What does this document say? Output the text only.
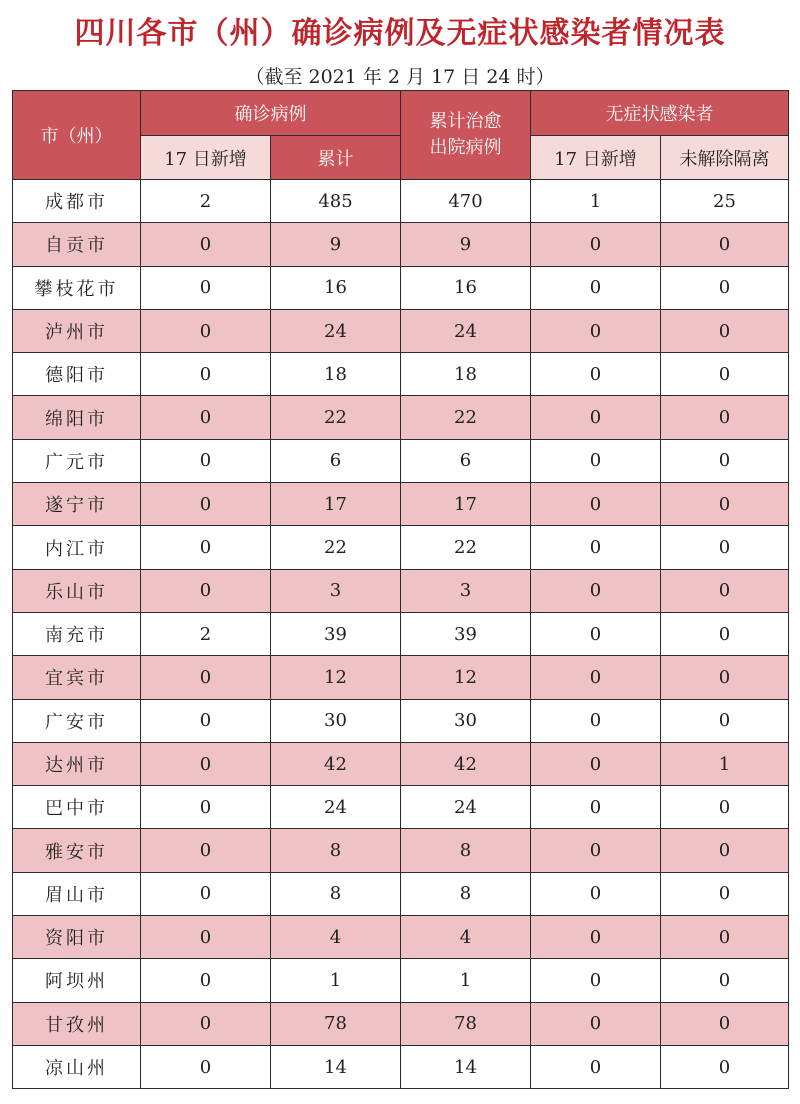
四川各市（州）确诊病例及无症状感染者情况表
（截至 2021 年 2 月 17 日 24 时）
市（州）	确诊病例		累计治愈出院病例	无症状感染者	
	17 日新增	累计		17 日新增	未解除隔离
成都市	2	485	470	1	25
自贡市	0	9	9	0	0
攀枝花市	0	16	16	0	0
泸州市	0	24	24	0	0
德阳市	0	18	18	0	0
绵阳市	0	22	22	0	0
广元市	0	6	6	0	0
遂宁市	0	17	17	0	0
内江市	0	22	22	0	0
乐山市	0	3	3	0	0
南充市	2	39	39	0	0
宜宾市	0	12	12	0	0
广安市	0	30	30	0	0
达州市	0	42	42	0	1
巴中市	0	24	24	0	0
雅安市	0	8	8	0	0
眉山市	0	8	8	0	0
资阳市	0	4	4	0	0
阿坝州	0	1	1	0	0
甘孜州	0	78	78	0	0
凉山州	0	14	14	0	0
